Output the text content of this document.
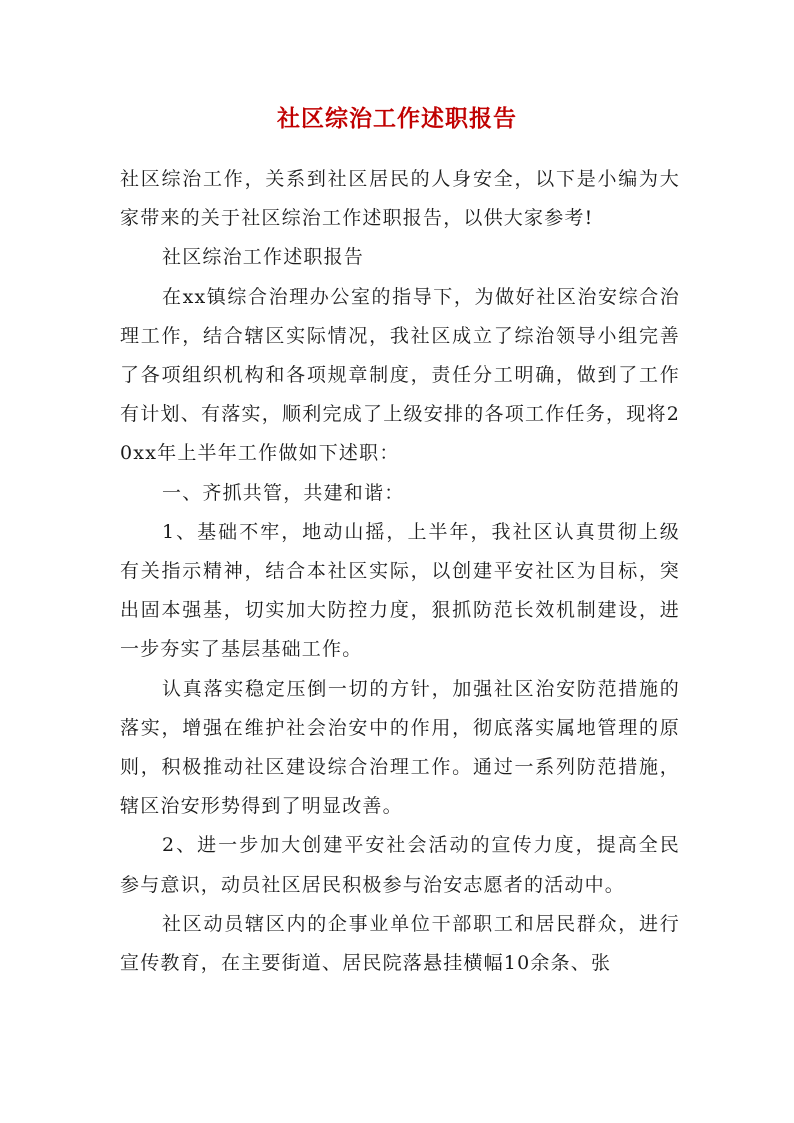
社区综治工作述职报告

社区综治工作，关系到社区居民的人身安全，以下是小编为大家带来的关于社区综治工作述职报告，以供大家参考!

社区综治工作述职报告

在xx镇综合治理办公室的指导下，为做好社区治安综合治理工作，结合辖区实际情况，我社区成立了综治领导小组完善了各项组织机构和各项规章制度，责任分工明确，做到了工作有计划、有落实，顺利完成了上级安排的各项工作任务，现将20xx年上半年工作做如下述职：

一、齐抓共管，共建和谐：

1、基础不牢，地动山摇，上半年，我社区认真贯彻上级有关指示精神，结合本社区实际，以创建平安社区为目标，突出固本强基，切实加大防控力度，狠抓防范长效机制建设，进一步夯实了基层基础工作。

认真落实稳定压倒一切的方针，加强社区治安防范措施的落实，增强在维护社会治安中的作用，彻底落实属地管理的原则，积极推动社区建设综合治理工作。通过一系列防范措施，辖区治安形势得到了明显改善。

2、进一步加大创建平安社会活动的宣传力度，提高全民参与意识，动员社区居民积极参与治安志愿者的活动中。

社区动员辖区内的企事业单位干部职工和居民群众，进行宣传教育，在主要街道、居民院落悬挂横幅10余条、张
